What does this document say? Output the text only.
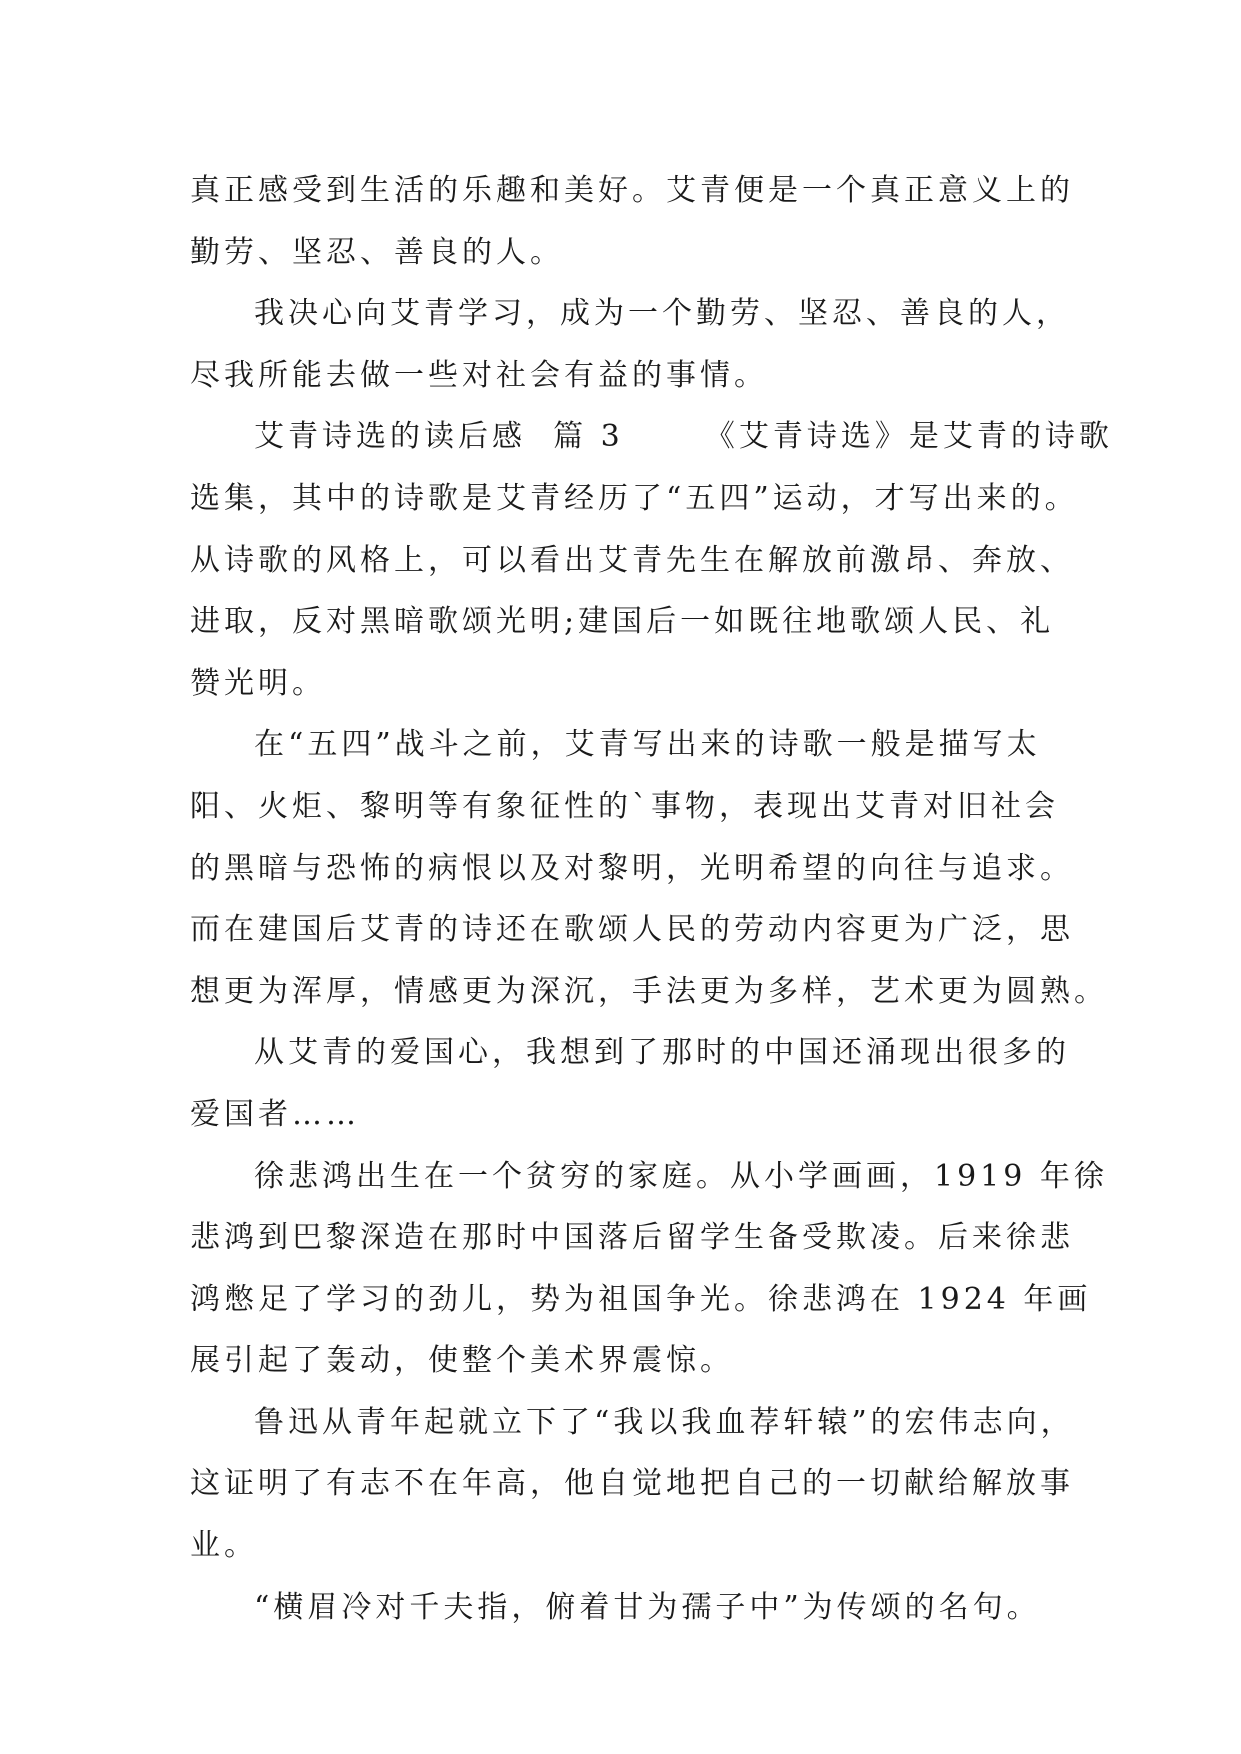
真正感受到生活的乐趣和美好。艾青便是一个真正意义上的
勤劳、坚忍、善良的人。
我决心向艾青学习，成为一个勤劳、坚忍、善良的人，
尽我所能去做一些对社会有益的事情。
艾青诗选的读后感  篇 3      《艾青诗选》是艾青的诗歌
选集，其中的诗歌是艾青经历了“五四”运动，才写出来的。
从诗歌的风格上，可以看出艾青先生在解放前激昂、奔放、
进取，反对黑暗歌颂光明;建国后一如既往地歌颂人民、礼
赞光明。
在“五四”战斗之前，艾青写出来的诗歌一般是描写太
阳、火炬、黎明等有象征性的`事物，表现出艾青对旧社会
的黑暗与恐怖的病恨以及对黎明，光明希望的向往与追求。
而在建国后艾青的诗还在歌颂人民的劳动内容更为广泛，思
想更为浑厚，情感更为深沉，手法更为多样，艺术更为圆熟。
从艾青的爱国心，我想到了那时的中国还涌现出很多的
爱国者……
徐悲鸿出生在一个贫穷的家庭。从小学画画，1919 年徐
悲鸿到巴黎深造在那时中国落后留学生备受欺凌。后来徐悲
鸿憋足了学习的劲儿，势为祖国争光。徐悲鸿在 1924 年画
展引起了轰动，使整个美术界震惊。
鲁迅从青年起就立下了“我以我血荐轩辕”的宏伟志向，
这证明了有志不在年高，他自觉地把自己的一切献给解放事
业。
“横眉冷对千夫指，俯着甘为孺子中”为传颂的名句。
